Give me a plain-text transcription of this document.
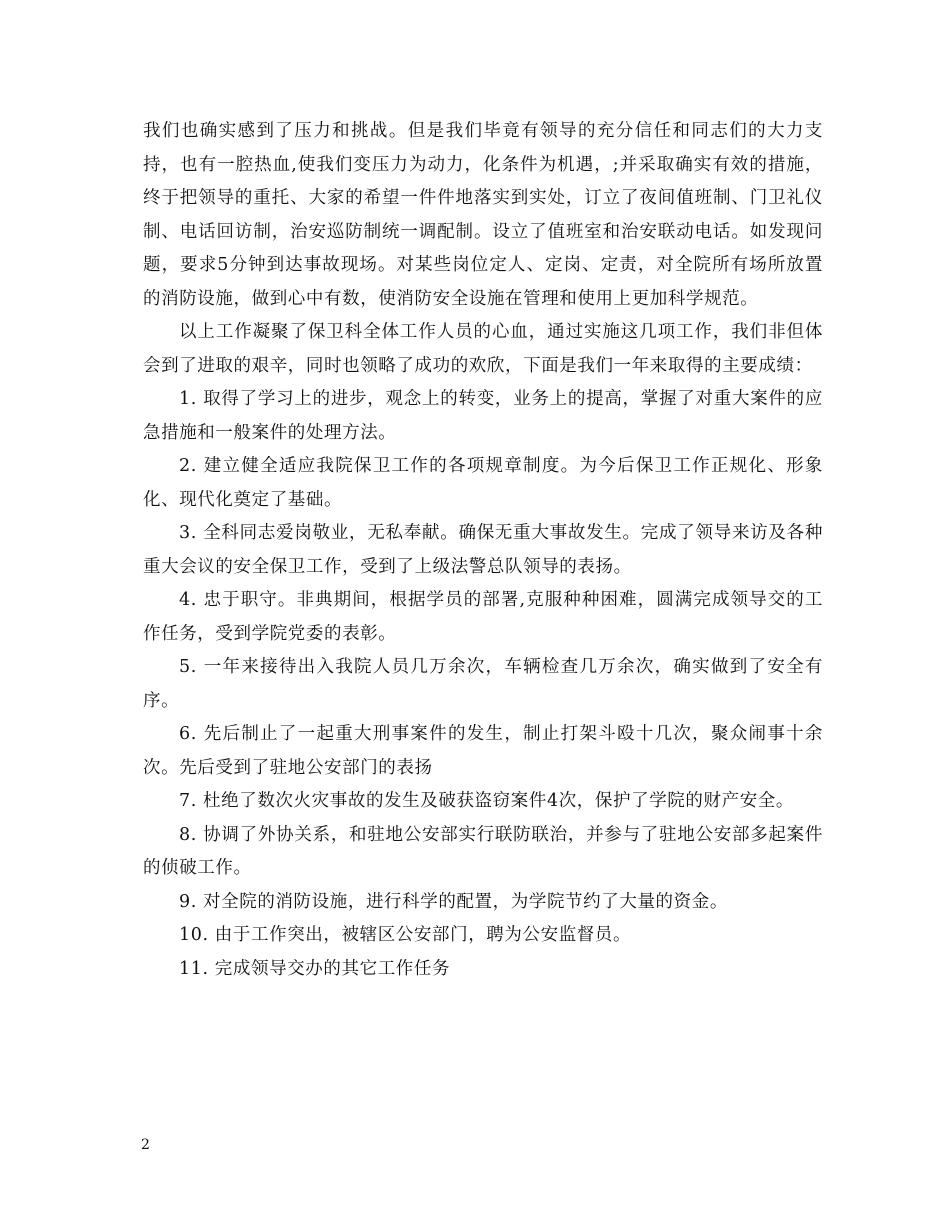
我们也确实感到了压力和挑战。但是我们毕竟有领导的充分信任和同志们的大力支持，也有一腔热血,使我们变压力为动力，化条件为机遇，;并采取确实有效的措施，终于把领导的重托、大家的希望一件件地落实到实处，订立了夜间值班制、门卫礼仪制、电话回访制，治安巡防制统一调配制。设立了值班室和治安联动电话。如发现问题，要求5分钟到达事故现场。对某些岗位定人、定岗、定责，对全院所有场所放置的消防设施，做到心中有数，使消防安全设施在管理和使用上更加科学规范。

以上工作凝聚了保卫科全体工作人员的心血，通过实施这几项工作，我们非但体会到了进取的艰辛，同时也领略了成功的欢欣，下面是我们一年来取得的主要成绩：

1. 取得了学习上的进步，观念上的转变，业务上的提高，掌握了对重大案件的应急措施和一般案件的处理方法。

2. 建立健全适应我院保卫工作的各项规章制度。为今后保卫工作正规化、形象化、现代化奠定了基础。

3. 全科同志爱岗敬业，无私奉献。确保无重大事故发生。完成了领导来访及各种重大会议的安全保卫工作，受到了上级法警总队领导的表扬。

4. 忠于职守。非典期间，根据学员的部署,克服种种困难，圆满完成领导交的工作任务，受到学院党委的表彰。

5. 一年来接待出入我院人员几万余次，车辆检查几万余次，确实做到了安全有序。

6. 先后制止了一起重大刑事案件的发生，制止打架斗殴十几次，聚众闹事十余次。先后受到了驻地公安部门的表扬

7. 杜绝了数次火灾事故的发生及破获盗窃案件4次，保护了学院的财产安全。

8. 协调了外协关系，和驻地公安部实行联防联治，并参与了驻地公安部多起案件的侦破工作。

9. 对全院的消防设施，进行科学的配置，为学院节约了大量的资金。

10. 由于工作突出，被辖区公安部门，聘为公安监督员。

11. 完成领导交办的其它工作任务

2
